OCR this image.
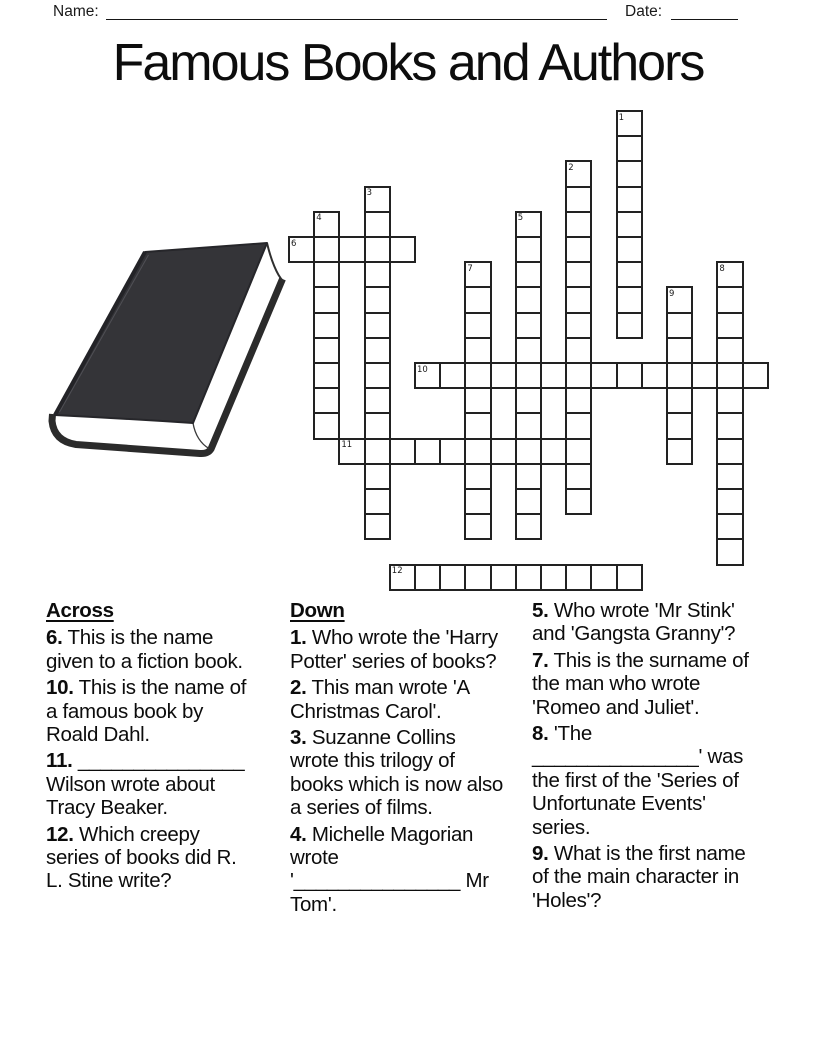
Name:	Date:
Famous Books and Authors
1
2
3
4	5
6
7	8
9
10
11
12
Across

6. This is the name given to a fiction book.

10. This is the name of a famous book by Roald Dahl.

11. _______________ Wilson wrote about Tracy Beaker.

12. Which creepy series of books did R. L. Stine write?

Down

1. Who wrote the 'Harry Potter' series of books?

2. This man wrote 'A Christmas Carol'.

3. Suzanne Collins wrote this trilogy of books which is now also a series of films.

4. Michelle Magorian wrote '_______________ Mr Tom'.

5. Who wrote 'Mr Stink' and 'Gangsta Granny'?

7. This is the surname of the man who wrote 'Romeo and Juliet'.

8. 'The _______________' was the first of the 'Series of Unfortunate Events' series.

9. What is the first name of the main character in 'Holes'?
